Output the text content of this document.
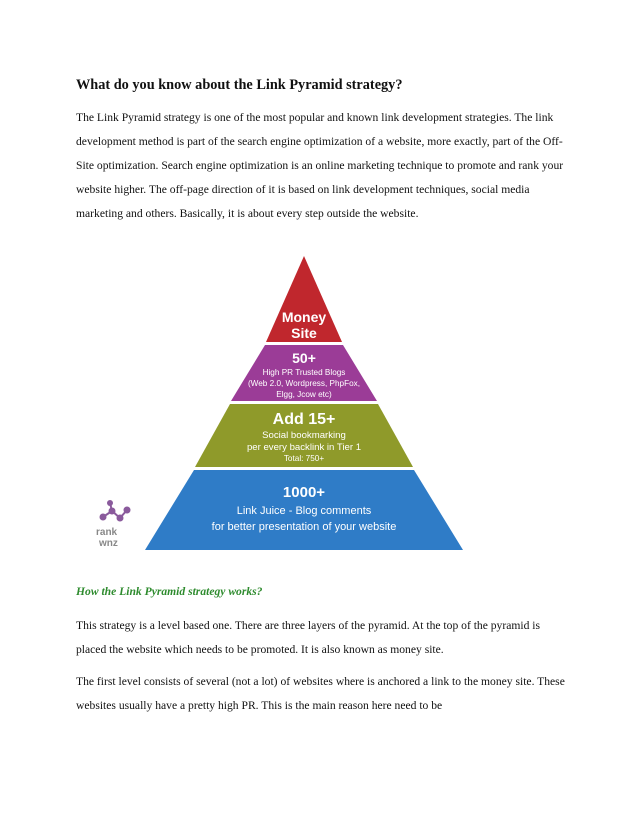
What do you know about the Link Pyramid strategy?

The Link Pyramid strategy is one of the most popular and known link development strategies. The link development method is part of the search engine optimization of a website, more exactly, part of the Off-Site optimization. Search engine optimization is an online marketing technique to promote and rank your website higher. The off-page direction of it is based on link development techniques, social media marketing and others. Basically, it is about every step outside the website.

Money
Site
50+
High PR Trusted Blogs
(Web 2.0, Wordpress, PhpFox,
Elgg, Jcow etc)
Add 15+
Social bookmarking
per every backlink in Tier 1
Total: 750+
1000+
Link Juice - Blog comments
for better presentation of your website
rank
wnz
How the Link Pyramid strategy works?

This strategy is a level based one. There are three layers of the pyramid. At the top of the pyramid is placed the website which needs to be promoted. It is also known as money site.

The first level consists of several (not a lot) of websites where is anchored a link to the money site. These websites usually have a pretty high PR. This is the main reason here need to be
